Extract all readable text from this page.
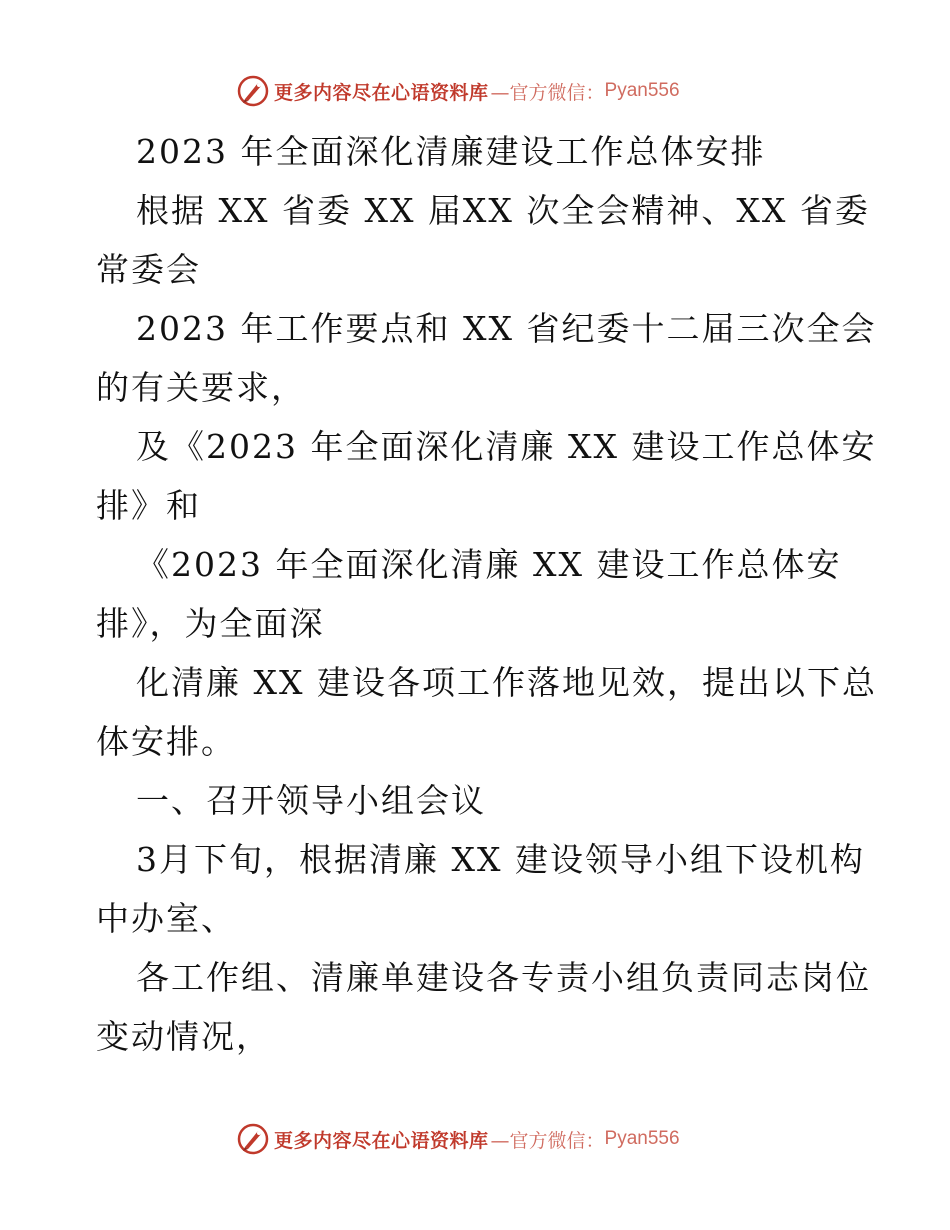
更多内容尽在心语资料库 —官方微信： Pyan556
2023 年全面深化清廉建设工作总体安排
根据 XX 省委 XX 届XX 次全会精神、XX 省委
常委会
2023 年工作要点和 XX 省纪委十二届三次全会
的有关要求，
及《2023 年全面深化清廉 XX 建设工作总体安
排》和
《2023 年全面深化清廉 XX 建设工作总体安
排》，为全面深
化清廉 XX 建设各项工作落地见效，提出以下总
体安排。
一、召开领导小组会议
3月下旬，根据清廉 XX 建设领导小组下设机构
中办室、
各工作组、清廉单建设各专责小组负责同志岗位
变动情况，
更多内容尽在心语资料库 —官方微信： Pyan556
